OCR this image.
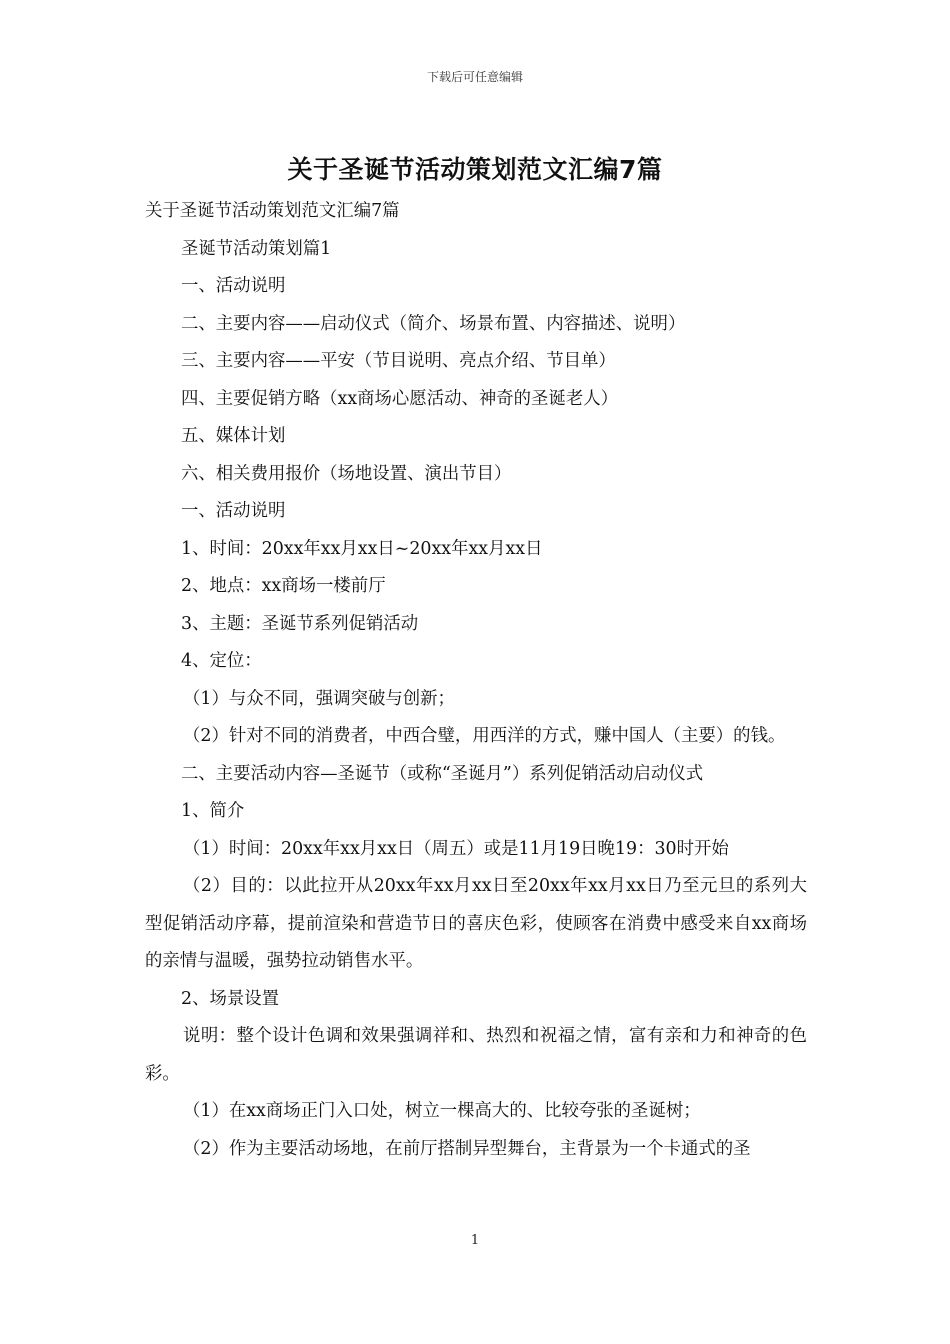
下载后可任意编辑
关于圣诞节活动策划范文汇编7篇

关于圣诞节活动策划范文汇编7篇

圣诞节活动策划篇1

一、活动说明

二、主要内容——启动仪式（简介、场景布置、内容描述、说明）

三、主要内容——平安（节目说明、亮点介绍、节目单）

四、主要促销方略（xx商场心愿活动、神奇的圣诞老人）

五、媒体计划

六、相关费用报价（场地设置、演出节目）

一、活动说明

1、时间：20xx年xx月xx日~20xx年xx月xx日

2、地点：xx商场一楼前厅

3、主题：圣诞节系列促销活动

4、定位：

（1）与众不同，强调突破与创新；

（2）针对不同的消费者，中西合璧，用西洋的方式，赚中国人（主要）的钱。

二、主要活动内容—圣诞节（或称“圣诞月”）系列促销活动启动仪式

1、简介

（1）时间：20xx年xx月xx日（周五）或是11月19日晚19：30时开始

（2）目的：以此拉开从20xx年xx月xx日至20xx年xx月xx日乃至元旦的系列大型促销活动序幕，提前渲染和营造节日的喜庆色彩，使顾客在消费中感受来自xx商场的亲情与温暖，强势拉动销售水平。

2、场景设置

说明：整个设计色调和效果强调祥和、热烈和祝福之情，富有亲和力和神奇的色彩。

（1）在xx商场正门入口处，树立一棵高大的、比较夸张的圣诞树；

（2）作为主要活动场地，在前厅搭制异型舞台，主背景为一个卡通式的圣

1
